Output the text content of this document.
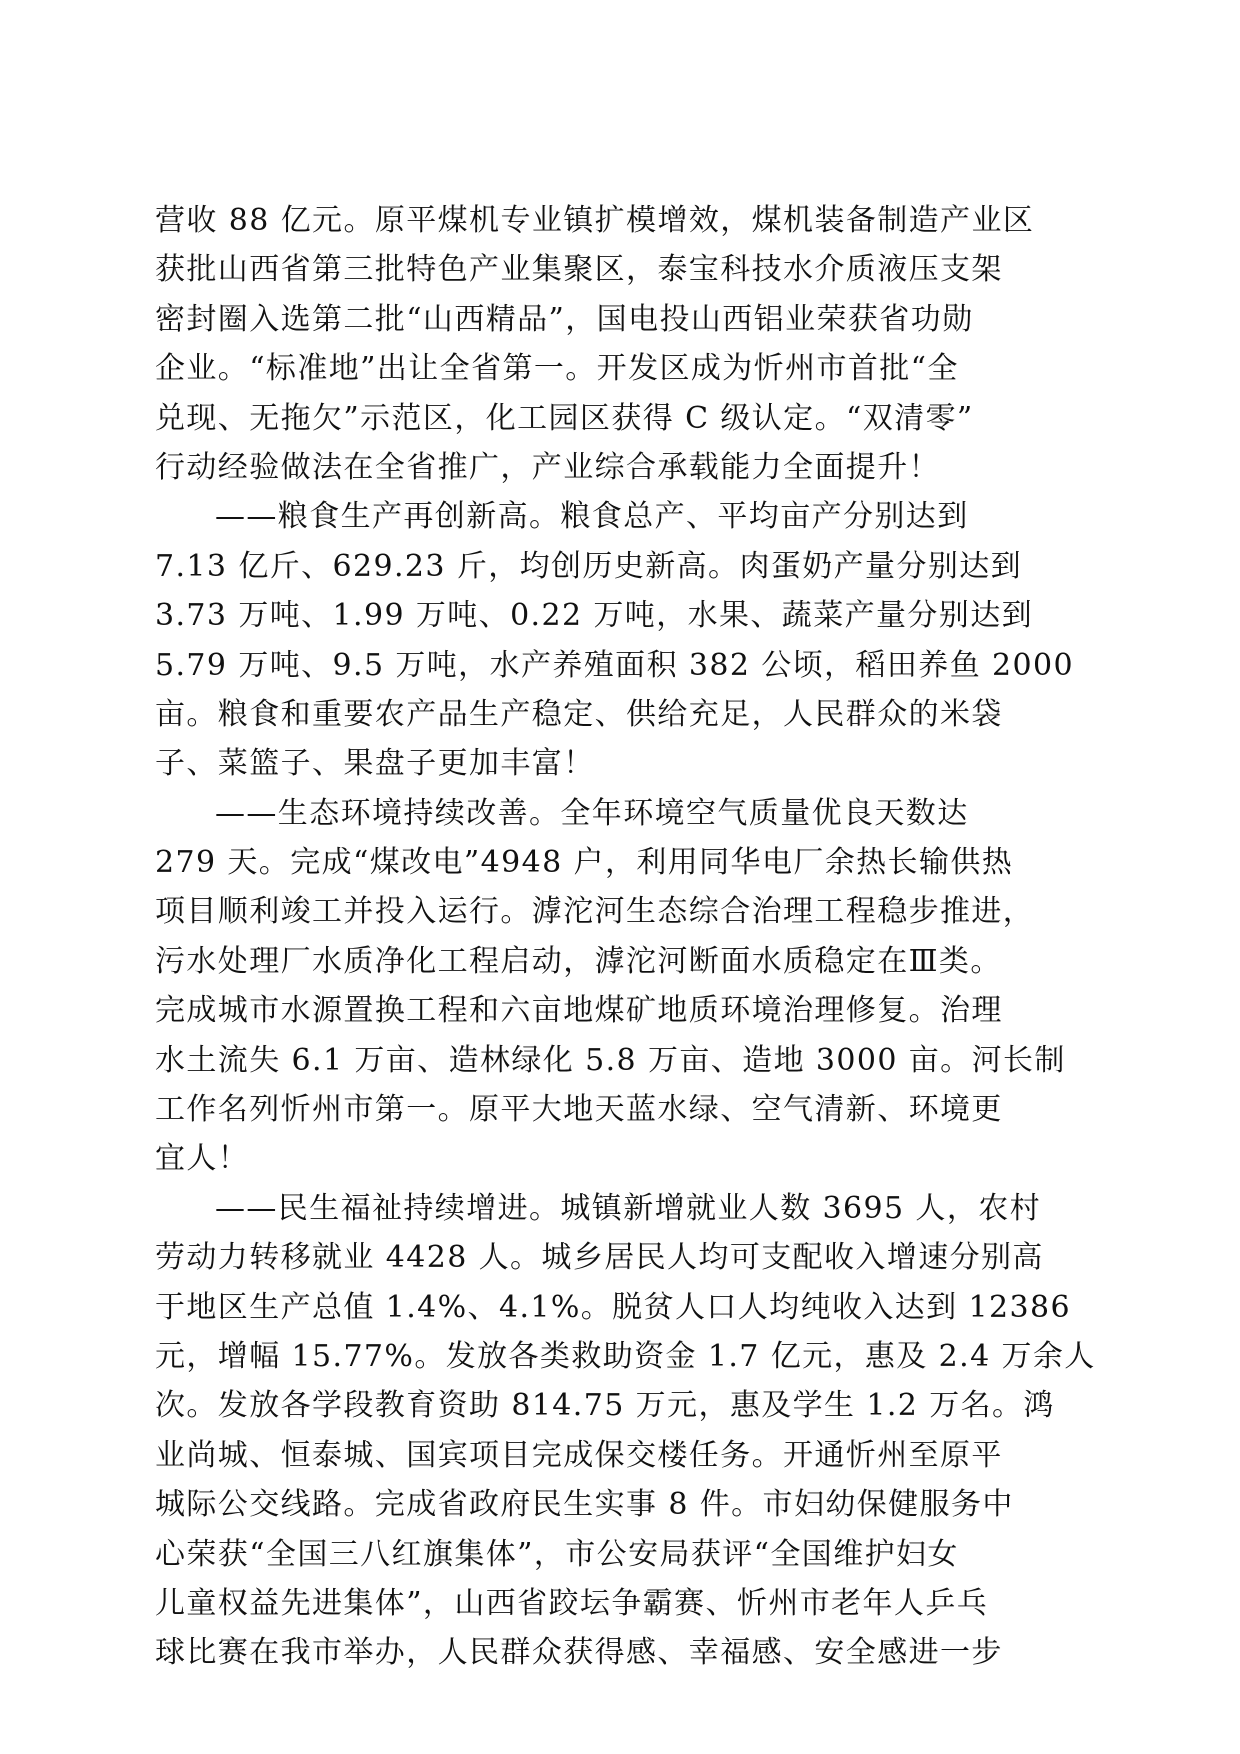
营收 88 亿元。原平煤机专业镇扩模增效，煤机装备制造产业区
获批山西省第三批特色产业集聚区，泰宝科技水介质液压支架
密封圈入选第二批“山西精品”，国电投山西铝业荣获省功勋
企业。“标准地”出让全省第一。开发区成为忻州市首批“全
兑现、无拖欠”示范区，化工园区获得 C 级认定。“双清零”
行动经验做法在全省推广，产业综合承载能力全面提升！
——粮食生产再创新高。粮食总产、平均亩产分别达到
7.13 亿斤、629.23 斤，均创历史新高。肉蛋奶产量分别达到
3.73 万吨、1.99 万吨、0.22 万吨，水果、蔬菜产量分别达到
5.79 万吨、9.5 万吨，水产养殖面积 382 公顷，稻田养鱼 2000
亩。粮食和重要农产品生产稳定、供给充足，人民群众的米袋
子、菜篮子、果盘子更加丰富！
——生态环境持续改善。全年环境空气质量优良天数达
279 天。完成“煤改电”4948 户，利用同华电厂余热长输供热
项目顺利竣工并投入运行。滹沱河生态综合治理工程稳步推进，
污水处理厂水质净化工程启动，滹沱河断面水质稳定在Ⅲ类。
完成城市水源置换工程和六亩地煤矿地质环境治理修复。治理
水土流失 6.1 万亩、造林绿化 5.8 万亩、造地 3000 亩。河长制
工作名列忻州市第一。原平大地天蓝水绿、空气清新、环境更
宜人！
——民生福祉持续增进。城镇新增就业人数 3695 人，农村
劳动力转移就业 4428 人。城乡居民人均可支配收入增速分别高
于地区生产总值 1.4%、4.1%。脱贫人口人均纯收入达到 12386
元，增幅 15.77%。发放各类救助资金 1.7 亿元，惠及 2.4 万余人
次。发放各学段教育资助 814.75 万元，惠及学生 1.2 万名。鸿
业尚城、恒泰城、国宾项目完成保交楼任务。开通忻州至原平
城际公交线路。完成省政府民生实事 8 件。市妇幼保健服务中
心荣获“全国三八红旗集体”，市公安局获评“全国维护妇女
儿童权益先进集体”，山西省跤坛争霸赛、忻州市老年人乒乓
球比赛在我市举办，人民群众获得感、幸福感、安全感进一步
